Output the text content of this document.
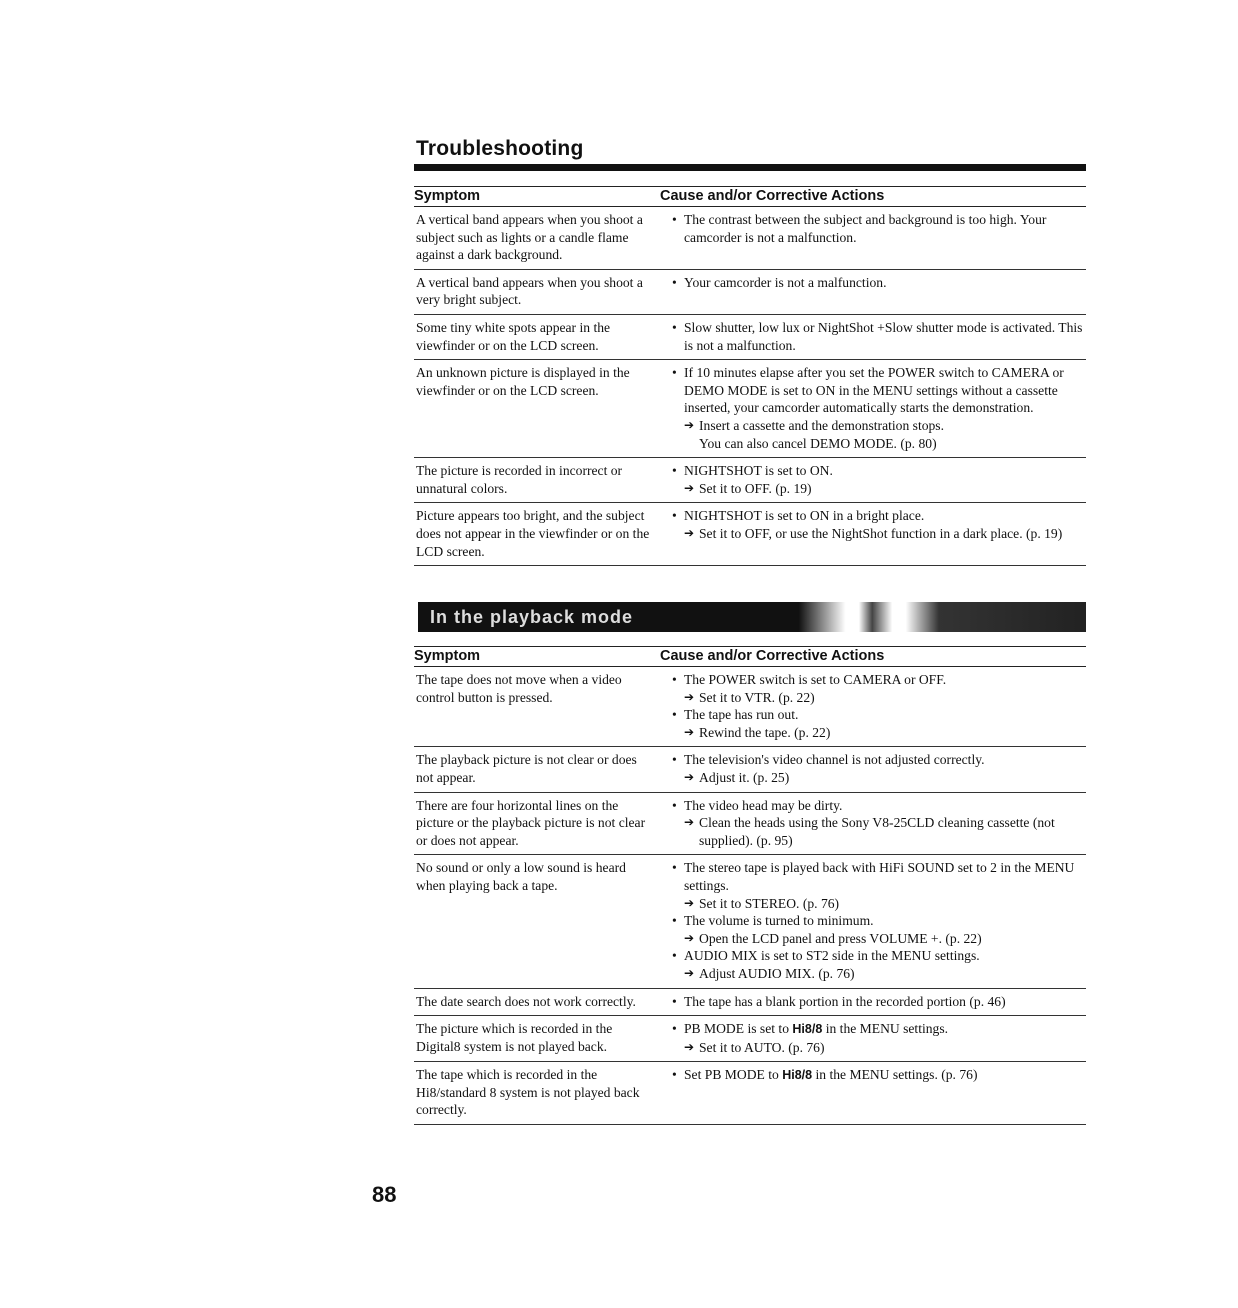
Troubleshooting
Symptom	Cause and/or Corrective Actions
A vertical band appears when you shoot a subject such as lights or a candle flame against a dark background.
• The contrast between the subject and background is too high. Your camcorder is not a malfunction.
A vertical band appears when you shoot a very bright subject.
• Your camcorder is not a malfunction.
Some tiny white spots appear in the viewfinder or on the LCD screen.
• Slow shutter, low lux or NightShot +Slow shutter mode is activated. This is not a malfunction.
An unknown picture is displayed in the viewfinder or on the LCD screen.
• If 10 minutes elapse after you set the POWER switch to CAMERA or DEMO MODE is set to ON in the MENU settings without a cassette inserted, your camcorder automatically starts the demonstration.
➔ Insert a cassette and the demonstration stops.
You can also cancel DEMO MODE. (p. 80)
The picture is recorded in incorrect or unnatural colors.
• NIGHTSHOT is set to ON.
➔ Set it to OFF. (p. 19)
Picture appears too bright, and the subject does not appear in the viewfinder or on the LCD screen.
• NIGHTSHOT is set to ON in a bright place.
➔ Set it to OFF, or use the NightShot function in a dark place. (p. 19)
In the playback mode
Symptom	Cause and/or Corrective Actions
The tape does not move when a video control button is pressed.
• The POWER switch is set to CAMERA or OFF.
➔ Set it to VTR. (p. 22)
• The tape has run out.
➔ Rewind the tape. (p. 22)
The playback picture is not clear or does not appear.
• The television's video channel is not adjusted correctly.
➔ Adjust it. (p. 25)
There are four horizontal lines on the picture or the playback picture is not clear or does not appear.
• The video head may be dirty.
➔ Clean the heads using the Sony V8-25CLD cleaning cassette (not supplied). (p. 95)
No sound or only a low sound is heard when playing back a tape.
• The stereo tape is played back with HiFi SOUND set to 2 in the MENU settings.
➔ Set it to STEREO. (p. 76)
• The volume is turned to minimum.
➔ Open the LCD panel and press VOLUME +. (p. 22)
• AUDIO MIX is set to ST2 side in the MENU settings.
➔ Adjust AUDIO MIX. (p. 76)
The date search does not work correctly.
•	The tape has a blank portion in the recorded portion (p. 46)
The picture which is recorded in the Digital8 system is not played back.
• PB MODE is set to Hi8/8 in the MENU settings.
➔ Set it to AUTO. (p. 76)
The tape which is recorded in the Hi8/standard 8 system is not played back correctly.
• Set PB MODE to Hi8/8 in the MENU settings. (p. 76)
88
